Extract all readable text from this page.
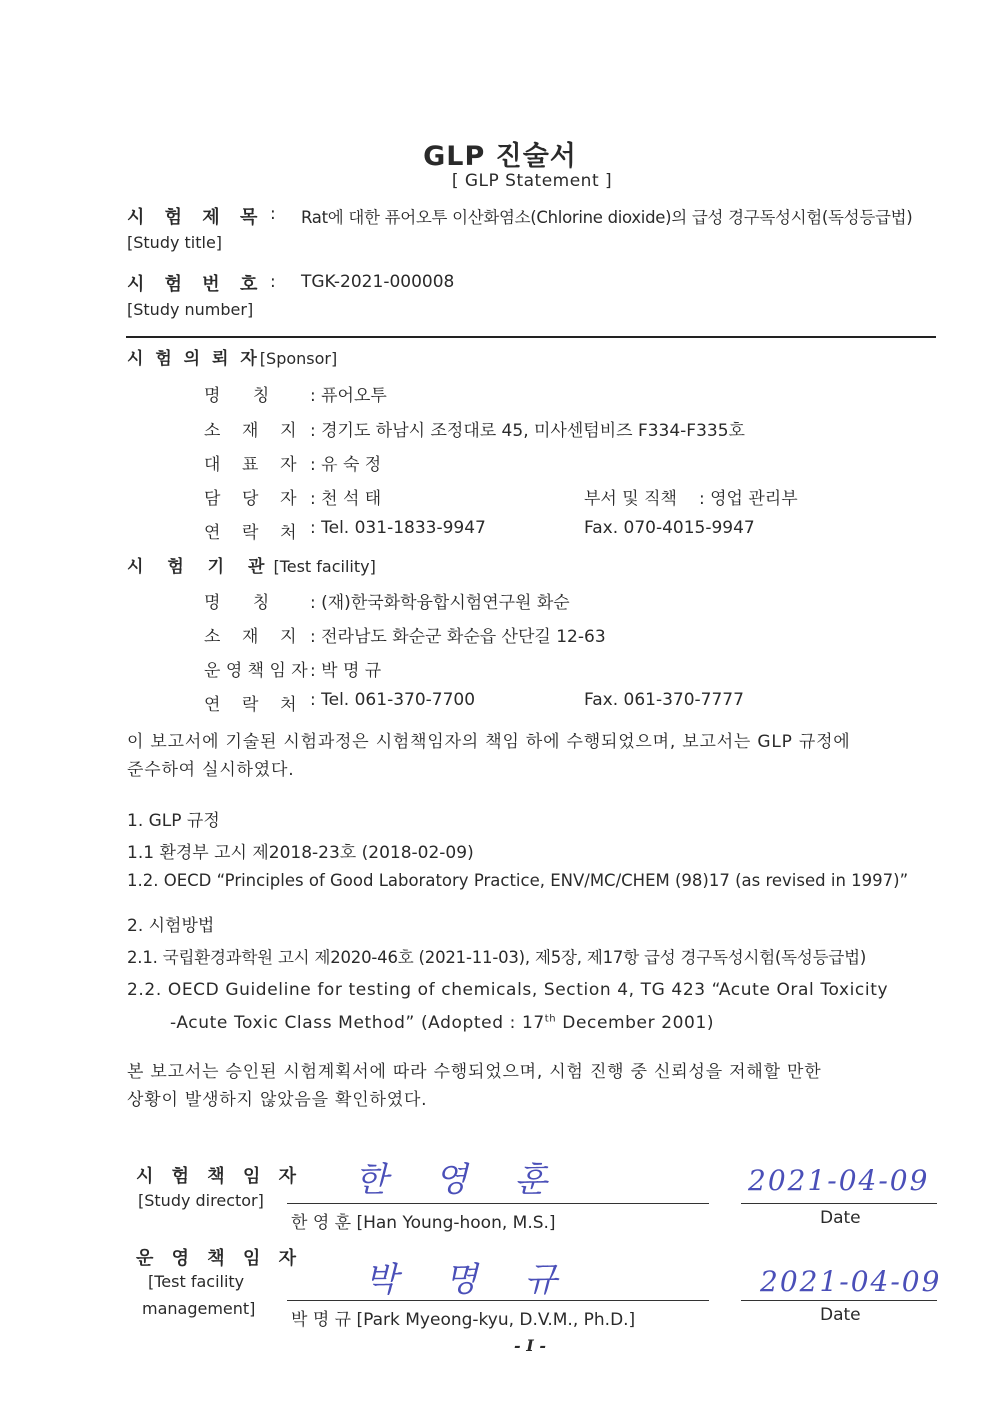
GLP 진술서
[ GLP Statement ]
시 험 제 목 : Rat에 대한 퓨어오투 이산화염소(Chlorine dioxide)의 급성 경구독성시험(독성등급법)
[Study title]
시 험 번 호 : TGK-2021-000008
[Study number]
시 험 의 뢰 자[Sponsor]
명      칭 : 퓨어오투
소    재    지 : 경기도 하남시 조정대로 45, 미사센텀비즈 F334-F335호
대    표    자 : 유 숙 정
담    당    자 : 천 석 태	부서 및 직책 : 영업 관리부
연    락    처 : Tel. 031-1833-9947	Fax. 070-4015-9947
시 험 기 관[Test facility]
명      칭 : (재)한국화학융합시험연구원 화순
소    재    지 : 전라남도 화순군 화순읍 산단길 12-63
운 영 책 임 자 : 박 명 규
연    락    처 : Tel. 061-370-7700	Fax. 061-370-7777
이 보고서에 기술된 시험과정은 시험책임자의 책임 하에 수행되었으며, 보고서는 GLP 규정에
준수하여 실시하였다.
1. GLP 규정
1.1 환경부 고시 제2018-23호 (2018-02-09)
1.2. OECD “Principles of Good Laboratory Practice, ENV/MC/CHEM (98)17 (as revised in 1997)”
2. 시험방법
2.1. 국립환경과학원 고시 제2020-46호 (2021-11-03), 제5장, 제17항 급성 경구독성시험(독성등급법)
2.2. OECD Guideline for testing of chemicals, Section 4, TG 423 “Acute Oral Toxicity
-Acute Toxic Class Method” (Adopted : 17th December 2001)
본 보고서는 승인된 시험계획서에 따라 수행되었으며, 시험 진행 중 신뢰성을 저해할 만한
상황이 발생하지 않았음을 확인하였다.
시 험 책 임 자
[Study director]
한 영 훈
한 영 훈 [Han Young-hoon, M.S.]
2021-04-09
Date
운 영 책 임 자
[Test facility
management]
박 명 규
박 명 규 [Park Myeong-kyu, D.V.M., Ph.D.]
2021-04-09
Date
- I -
